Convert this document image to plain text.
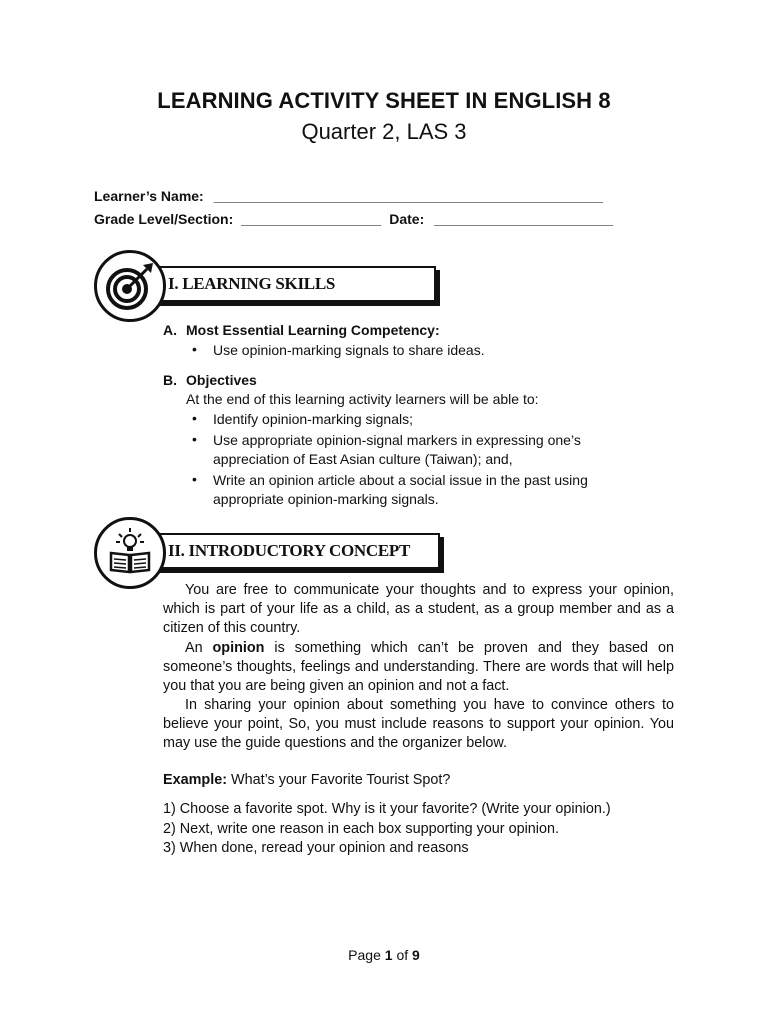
LEARNING ACTIVITY SHEET IN ENGLISH 8
Quarter 2, LAS 3
Learner’s Name: __________________________________________________
Grade Level/Section: __________________ Date: _______________________
I. LEARNING SKILLS
A. Most Essential Learning Competency:
• Use opinion-marking signals to share ideas.
B. Objectives
At the end of this learning activity learners will be able to:
• Identify opinion-marking signals;
• Use appropriate opinion-signal markers in expressing one’s
appreciation of East Asian culture (Taiwan); and,
• Write an opinion article about a social issue in the past using
appropriate opinion-marking signals.
II. INTRODUCTORY CONCEPT

You are free to communicate your thoughts and to express your opinion, which is part of your life as a child, as a student, as a group member and as a citizen of this country.

An opinion is something which can’t be proven and they based on someone’s thoughts, feelings and understanding. There are words that will help you that you are being given an opinion and not a fact.

In sharing your opinion about something you have to convince others to believe your point, So, you must include reasons to support your opinion. You may use the guide questions and the organizer below.

Example: What’s your Favorite Tourist Spot?
1) Choose a favorite spot. Why is it your favorite? (Write your opinion.)
2) Next, write one reason in each box supporting your opinion.
3) When done, reread your opinion and reasons
Page 1 of 9
